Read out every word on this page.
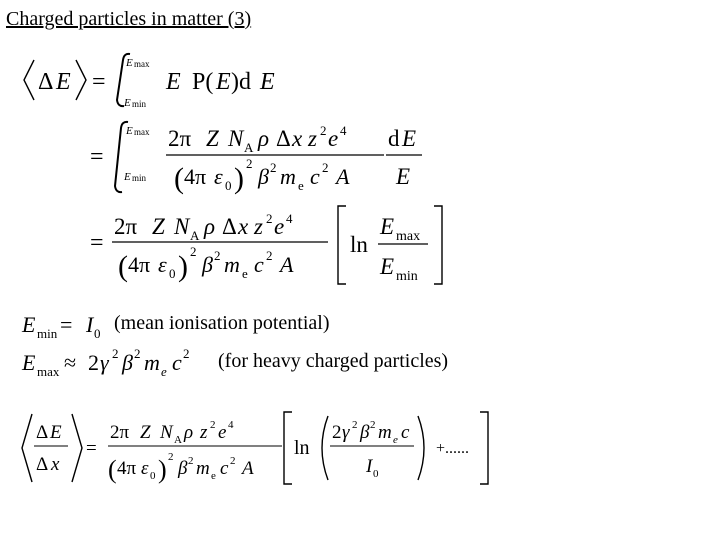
Charged particles in matter (3)
Δ E =
E max
E min
E P( E )d E
=
E max
E min
2π Z N A ρ Δ x z 2 e 4
( 4π ε 0 ) 2
β 2 m e c 2 A
d E
E
=
2π Z N A ρ Δ x z 2 e 4
( 4π ε 0 ) 2
β 2 m e c 2 A
ln
E max
E min
E min = I 0 (mean ionisation potential)
E max ≈ 2 γ 2 β 2 m e c 2 (for heavy charged particles)
Δ E
Δ x
=
2π Z N A ρ z 2 e 4
( 4π ε 0 ) 2
β 2 m e c 2 A
ln
2 γ 2 β 2 m e c
I 0
+......
